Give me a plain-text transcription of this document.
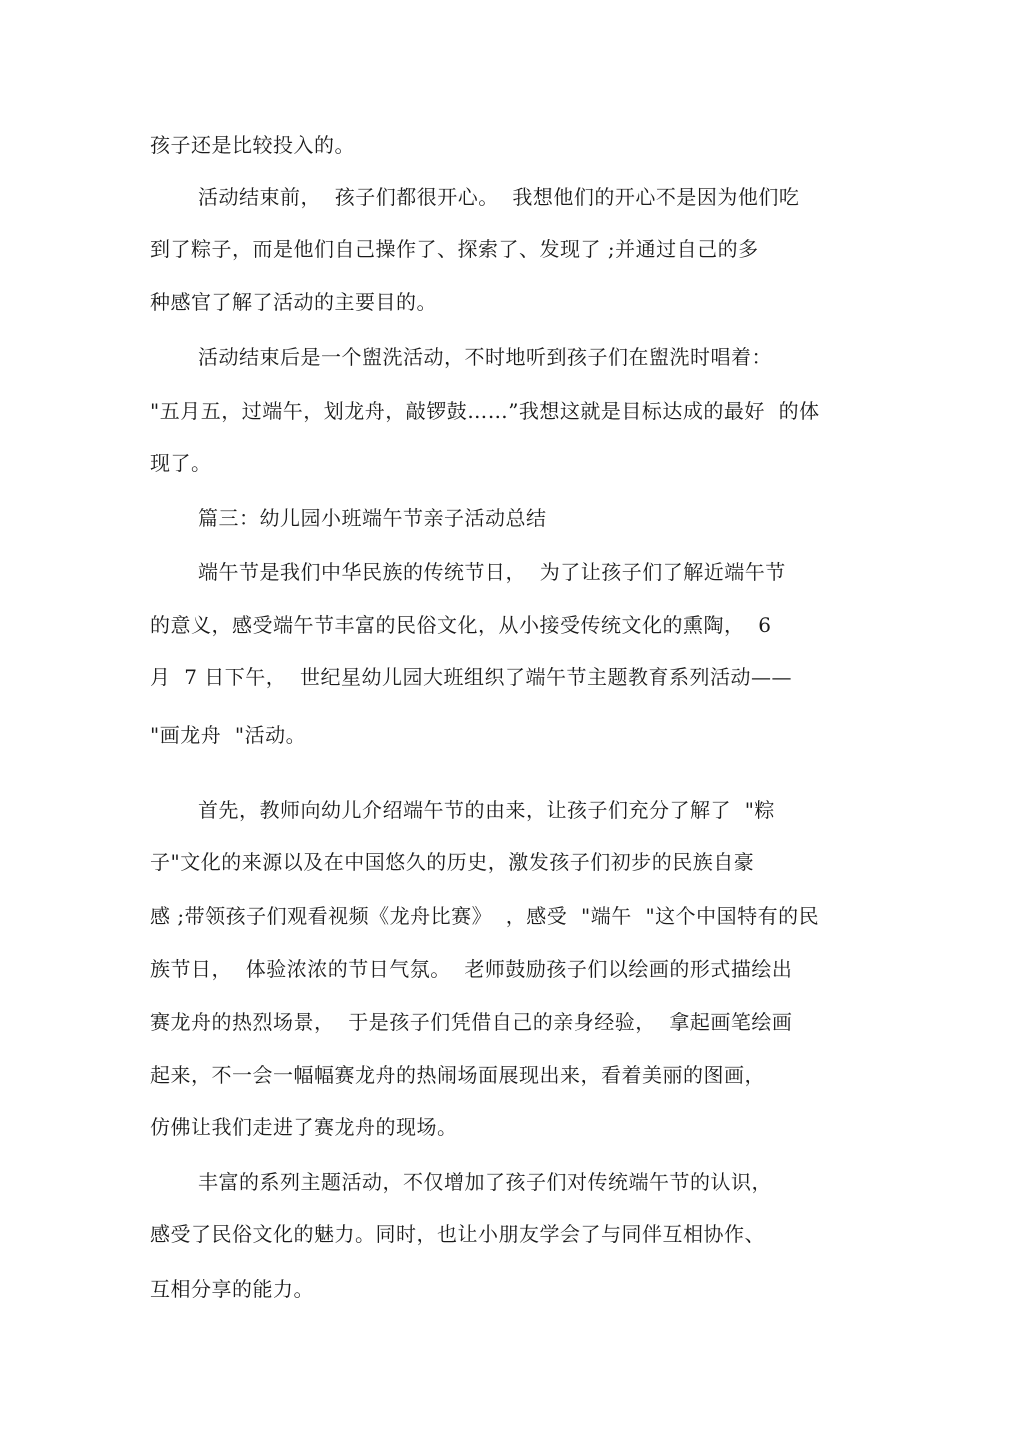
孩子还是比较投入的。
活动结束前，  孩子们都很开心。  我想他们的开心不是因为他们吃
到了粽子，而是他们自己操作了、探索了、发现了 ;并通过自己的多
种感官了解了活动的主要目的。
活动结束后是一个盥洗活动，不时地听到孩子们在盥洗时唱着：
"五月五，过端午，划龙舟，敲锣鼓……”我想这就是目标达成的最好  的体
现了。
篇三：幼儿园小班端午节亲子活动总结
端午节是我们中华民族的传统节日，  为了让孩子们了解近端午节
的意义，感受端午节丰富的民俗文化，从小接受传统文化的熏陶，  6
月  7 日下午，  世纪星幼儿园大班组织了端午节主题教育系列活动——
"画龙舟  "活动。
首先，教师向幼儿介绍端午节的由来，让孩子们充分了解了  "粽
子"文化的来源以及在中国悠久的历史，激发孩子们初步的民族自豪
感 ;带领孩子们观看视频《龙舟比赛》  ，感受  "端午  "这个中国特有的民
族节日，  体验浓浓的节日气氛。  老师鼓励孩子们以绘画的形式描绘出
赛龙舟的热烈场景，  于是孩子们凭借自己的亲身经验，  拿起画笔绘画
起来，不一会一幅幅赛龙舟的热闹场面展现出来，看着美丽的图画，
仿佛让我们走进了赛龙舟的现场。
丰富的系列主题活动，不仅增加了孩子们对传统端午节的认识，
感受了民俗文化的魅力。同时，也让小朋友学会了与同伴互相协作、
互相分享的能力。
